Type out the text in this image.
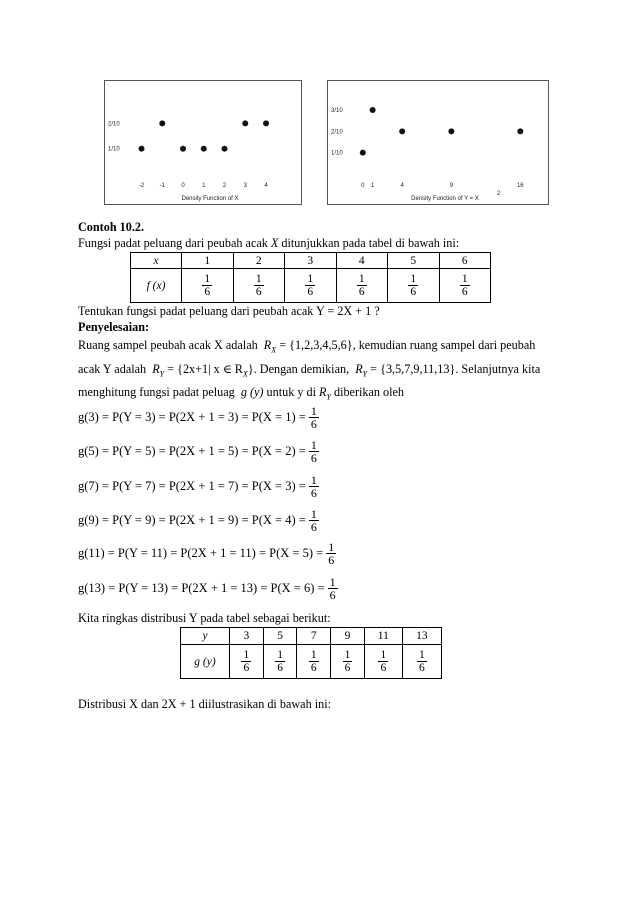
2/10
1/10
-2	-1	0	1	2	3	4
Density Function of X
3/10
2/10
1/10
0 1	4	9	16
Density Function of Y = X
2
Contoh 10.2.
Fungsi padat peluang dari peubah acak X ditunjukkan pada tabel di bawah ini:
x	1	2	3	4	5	6
f (x)	$\frac{1}{6}$	$\frac{1}{6}$	$\frac{1}{6}$	$\frac{1}{6}$	$\frac{1}{6}$	$\frac{1}{6}$
Tentukan fungsi padat peluang dari peubah acak Y = 2X + 1 ?
Penyelesaian:
Ruang sampel peubah acak X adalah $R_X = \{1,2,3,4,5,6\}$, kemudian ruang sampel dari peubah
acak Y adalah $R_Y = \{2x+1|$ x ∈ $R_X$}. Dengan demikian, $R_Y = \{3,5,7,9,11,13\}$. Selanjutnya kita
menghitung fungsi padat peluag g (y) untuk y di $R_Y$ diberikan oleh
$g(3) = P(Y = 3) = P(2X + 1 = 3) = P(X = 1) = \frac{1}{6}$
$g(5) = P(Y = 5) = P(2X + 1 = 5) = P(X = 2) = \frac{1}{6}$
$g(7) = P(Y = 7) = P(2X + 1 = 7) = P(X = 3) = \frac{1}{6}$
$g(9) = P(Y = 9) = P(2X + 1 = 9) = P(X = 4) = \frac{1}{6}$
$g(11) = P(Y = 11) = P(2X + 1 = 11) = P(X = 5) = \frac{1}{6}$
$g(13) = P(Y = 13) = P(2X + 1 = 13) = P(X = 6) = \frac{1}{6}$
Kita ringkas distribusi Y pada tabel sebagai berikut:
y	3	5	7	9	11	13
g (y)	$\frac{1}{6}$	$\frac{1}{6}$	$\frac{1}{6}$	$\frac{1}{6}$	$\frac{1}{6}$	$\frac{1}{6}$
Distribusi X dan 2X + 1 diilustrasikan di bawah ini:
